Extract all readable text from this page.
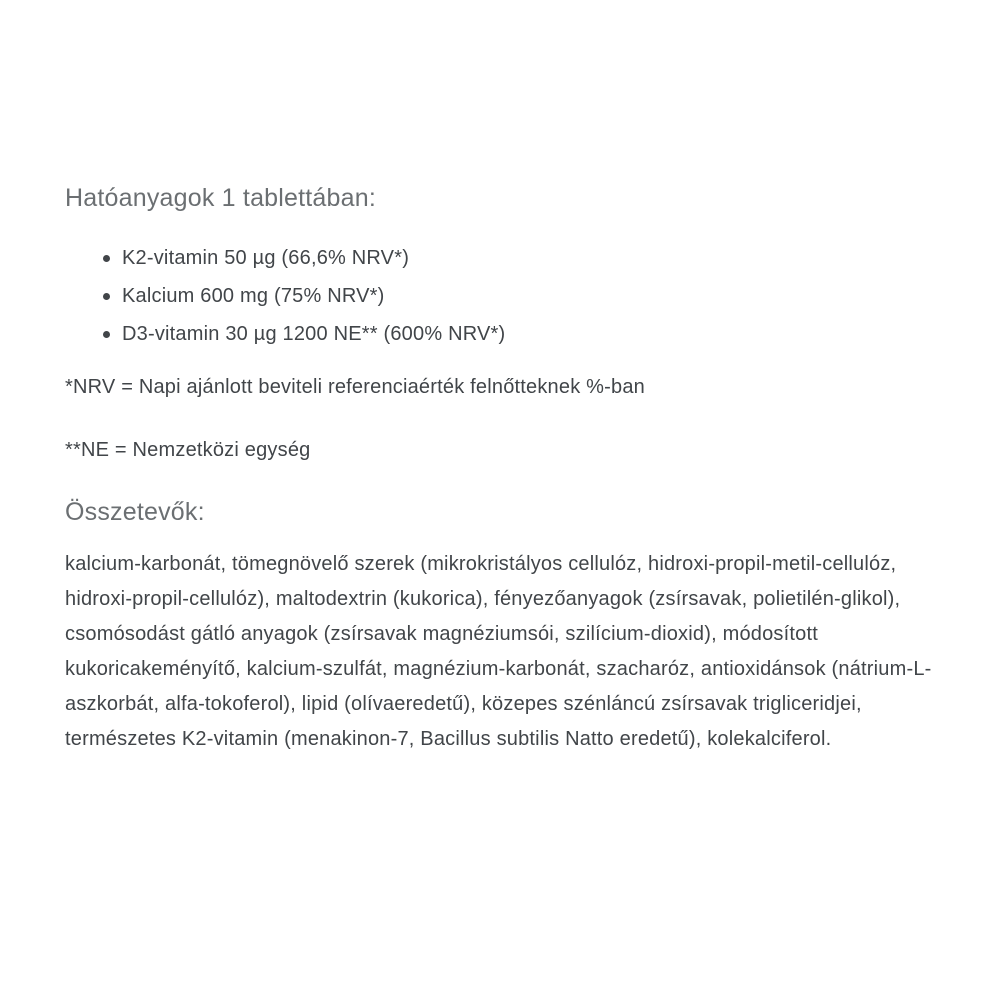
Hatóanyagok 1 tablettában:
K2-vitamin 50 µg (66,6% NRV*)
Kalcium 600 mg (75% NRV*)
D3-vitamin 30 µg 1200 NE** (600% NRV*)

*NRV = Napi ajánlott beviteli referenciaérték felnőtteknek %-ban

**NE = Nemzetközi egység

Összetevők:

kalcium-karbonát, tömegnövelő szerek (mikrokristályos cellulóz, hidroxi-propil-metil-cellulóz, hidroxi-propil-cellulóz), maltodextrin (kukorica), fényezőanyagok (zsírsavak, polietilén-glikol), csomósodást gátló anyagok (zsírsavak magnéziumsói, szilícium-dioxid), módosított kukoricakeményítő, kalcium-szulfát, magnézium-karbonát, szacharóz, antioxidánsok (nátrium-L-aszkorbát, alfa-tokoferol), lipid (olívaeredetű), közepes szénláncú zsírsavak trigliceridjei, természetes K2-vitamin (menakinon-7, Bacillus subtilis Natto eredetű), kolekalciferol.
